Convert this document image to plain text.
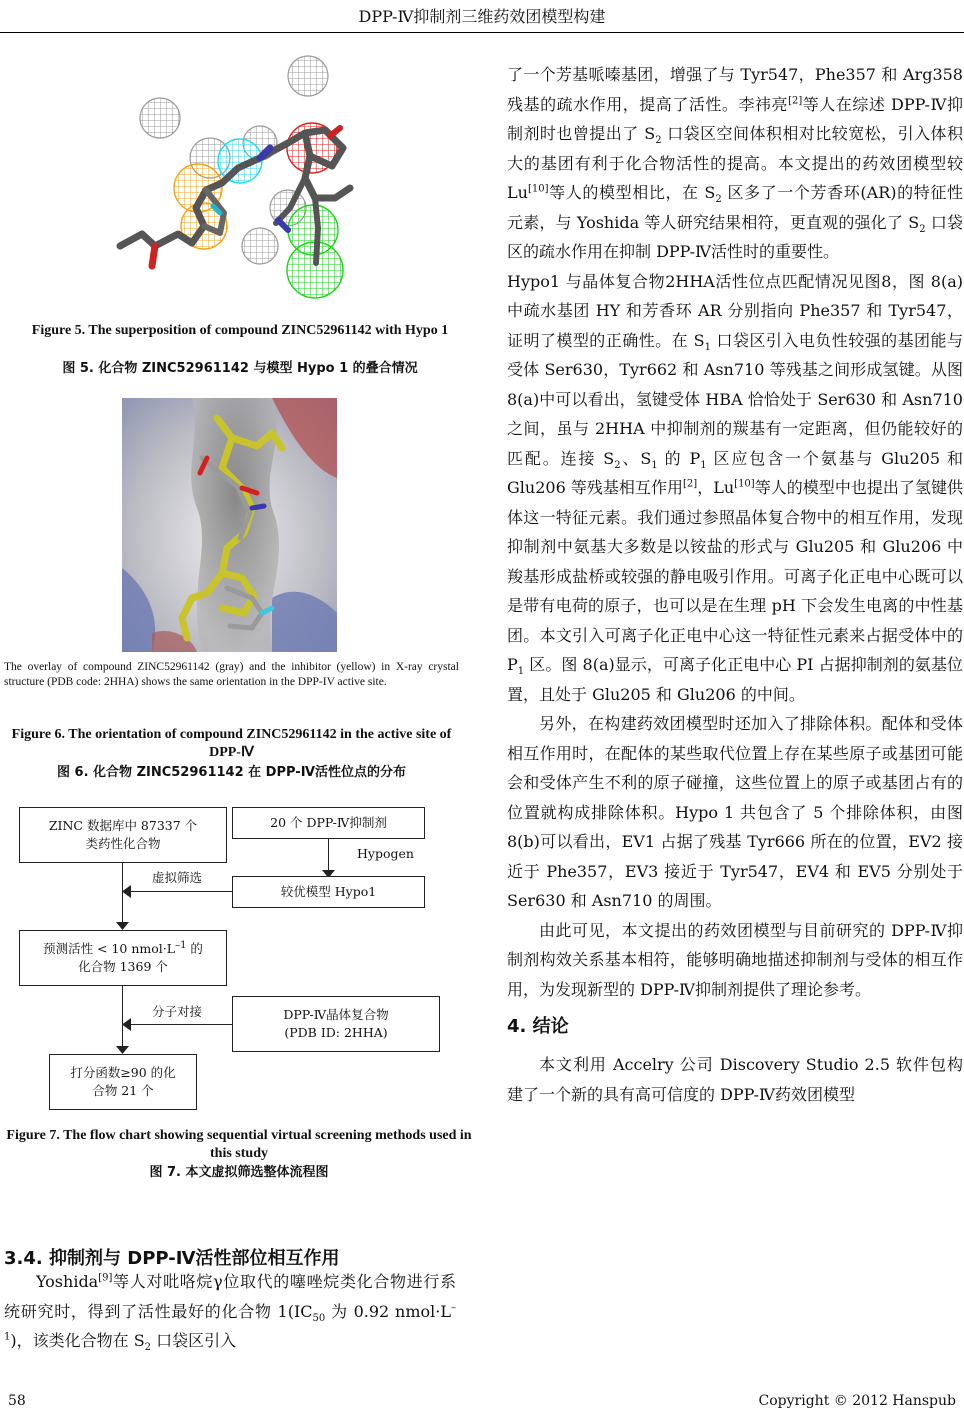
DPP-Ⅳ抑制剂三维药效团模型构建
Figure 5. The superposition of compound ZINC52961142 with Hypo 1
图 5. 化合物 ZINC52961142 与模型 Hypo 1 的叠合情况
The overlay of compound ZINC52961142 (gray) and the inhibitor (yellow) in X-ray crystal structure (PDB code: 2HHA) shows the same orientation in the DPP-IV active site.
Figure 6. The orientation of compound ZINC52961142 in the active site of DPP-Ⅳ
图 6. 化合物 ZINC52961142 在 DPP-Ⅳ活性位点的分布
ZINC 数据库中 87337 个
类药性化合物
20 个 DPP-Ⅳ抑制剂
Hypogen
较优模型 Hypo1
虚拟筛选
预测活性 < 10 $nmol\cdot L^{-1}$ 的
化合物 1369 个
DPP-Ⅳ晶体复合物
(PDB ID: 2HHA)
分子对接
打分函数≥90 的化
合物 21 个
Figure 7. The flow chart showing sequential virtual screening methods used in this study
图 7. 本文虚拟筛选整体流程图
3.4. 抑制剂与 DPP-Ⅳ活性部位相互作用
Yoshida[9]等人对吡咯烷γ位取代的噻唑烷类化合物进行系统研究时，得到了活性最好的化合物 $1(IC_{50}$ 为 0.92 $nmol\cdot L^{-1}$)，该类化合物在 $S_2$ 口袋区引入
了一个芳基哌嗪基团，增强了与 Tyr547，Phe357 和 Arg358 残基的疏水作用，提高了活性。李祎亮[2]等人在综述 DPP-Ⅳ抑制剂时也曾提出了 $S_2$ 口袋区空间体积相对比较宽松，引入体积大的基团有利于化合物活性的提高。本文提出的药效团模型较 Lu[10]等人的模型相比，在 $S_2$ 区多了一个芳香环(AR)的特征性元素，与 Yoshida 等人研究结果相符，更直观的强化了 $S_2$ 口袋区的疏水作用在抑制 DPP-Ⅳ活性时的重要性。
Hypo1 与晶体复合物2HHA活性位点匹配情况见图8，图 8(a)中疏水基团 HY 和芳香环 AR 分别指向 Phe357 和 Tyr547，证明了模型的正确性。在 $S_1$ 口袋区引入电负性较强的基团能与受体 Ser630，Tyr662 和 Asn710 等残基之间形成氢键。从图 8(a)中可以看出，氢键受体 HBA 恰恰处于 Ser630 和 Asn710 之间，虽与 2HHA 中抑制剂的羰基有一定距离，但仍能较好的匹配。连接 $S_2$、$S_1$ 的 $P_1$ 区应包含一个氨基与 Glu205 和 Glu206 等残基相互作用[2]，Lu[10]等人的模型中也提出了氢键供体这一特征元素。我们通过参照晶体复合物中的相互作用，发现抑制剂中氨基大多数是以铵盐的形式与 Glu205 和 Glu206 中羧基形成盐桥或较强的静电吸引作用。可离子化正电中心既可以是带有电荷的原子，也可以是在生理 pH 下会发生电离的中性基团。本文引入可离子化正电中心这一特征性元素来占据受体中的 $P_1$ 区。图 8(a)显示，可离子化正电中心 PI 占据抑制剂的氨基位置，且处于 Glu205 和 Glu206 的中间。
另外，在构建药效团模型时还加入了排除体积。配体和受体相互作用时，在配体的某些取代位置上存在某些原子或基团可能会和受体产生不利的原子碰撞，这些位置上的原子或基团占有的位置就构成排除体积。Hypo 1 共包含了 5 个排除体积，由图 8(b)可以看出，EV1 占据了残基 Tyr666 所在的位置，EV2 接近于 Phe357，EV3 接近于 Tyr547，EV4 和 EV5 分别处于 Ser630 和 Asn710 的周围。
由此可见，本文提出的药效团模型与目前研究的 DPP-Ⅳ抑制剂构效关系基本相符，能够明确地描述抑制剂与受体的相互作用，为发现新型的 DPP-Ⅳ抑制剂提供了理论参考。
4. 结论
本文利用 Accelry 公司 Discovery Studio 2.5 软件包构建了一个新的具有高可信度的 DPP-Ⅳ药效团模型
58	Copyright © 2012 Hanspub
